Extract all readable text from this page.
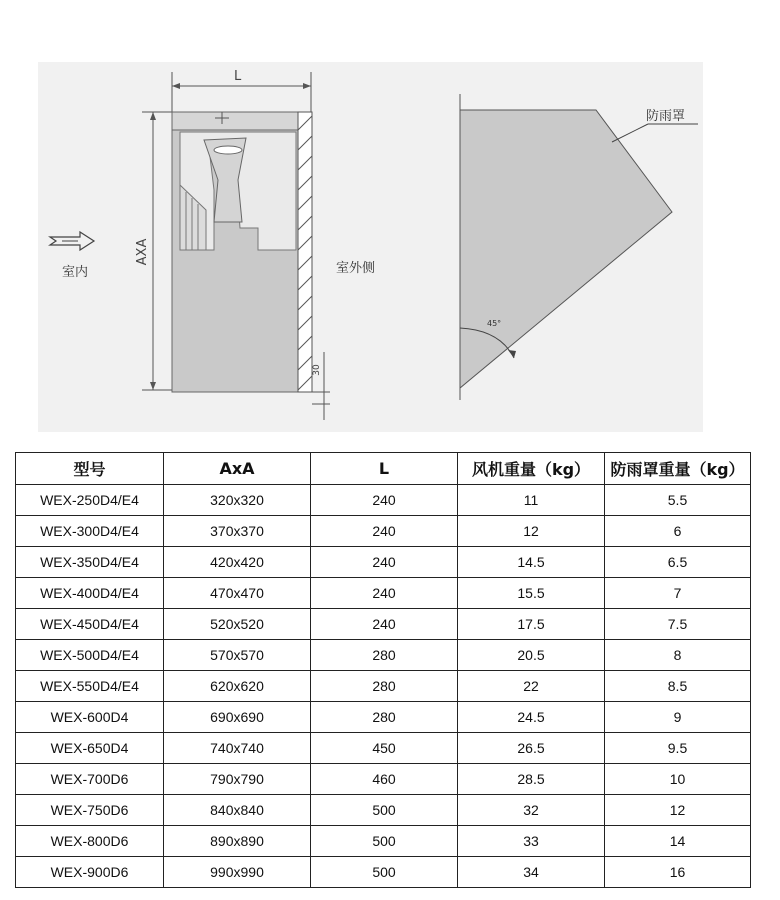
L
AXA
30
室内	室外侧
防雨罩
45°
型号	AxA	L	风机重量（kg）	防雨罩重量（kg）
WEX-250D4/E4	320x320	240	11	5.5
WEX-300D4/E4	370x370	240	12	6
WEX-350D4/E4	420x420	240	14.5	6.5
WEX-400D4/E4	470x470	240	15.5	7
WEX-450D4/E4	520x520	240	17.5	7.5
WEX-500D4/E4	570x570	280	20.5	8
WEX-550D4/E4	620x620	280	22	8.5
WEX-600D4	690x690	280	24.5	9
WEX-650D4	740x740	450	26.5	9.5
WEX-700D6	790x790	460	28.5	10
WEX-750D6	840x840	500	32	12
WEX-800D6	890x890	500	33	14
WEX-900D6	990x990	500	34	16
